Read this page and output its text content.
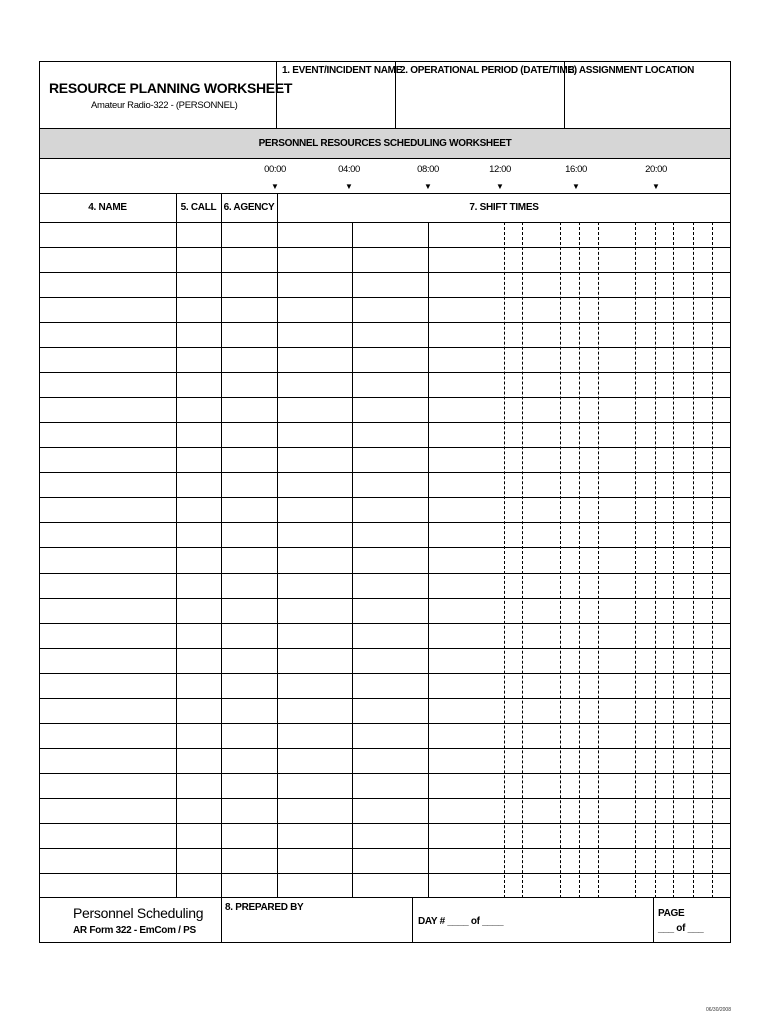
RESOURCE PLANNING WORKSHEET
Amateur Radio-322 - (PERSONNEL)
1. EVENT/INCIDENT NAME
2. OPERATIONAL PERIOD (DATE/TIME)
3. ASSIGNMENT LOCATION
PERSONNEL RESOURCES SCHEDULING WORKSHEET
00:00
▼
04:00
▼
08:00
▼
12:00
▼
16:00
▼
20:00
▼
4. NAME	5. CALL 6. AGENCY	7. SHIFT TIMES
Personnel Scheduling
AR Form 322 - EmCom / PS
8. PREPARED BY
DAY # ____ of ____
PAGE
___ of ___
06/30/2008
